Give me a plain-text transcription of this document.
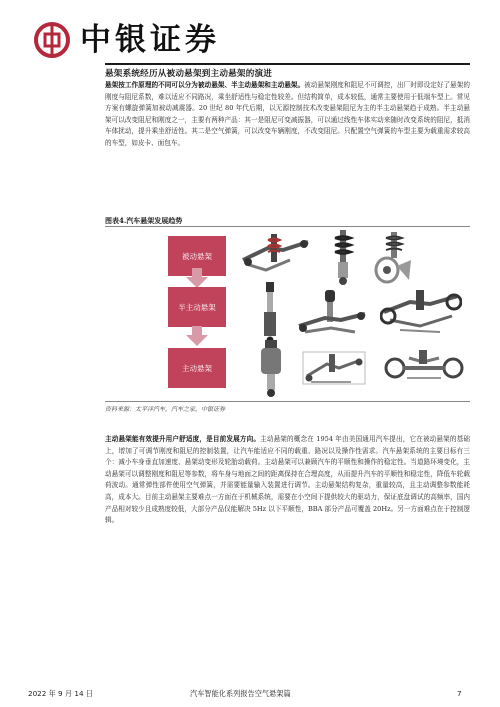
中银证券
悬架系统经历从被动悬架到主动悬架的演进
悬架按工作原理的不同可以分为被动悬架、半主动悬架和主动悬架。被动悬架刚度和阻尼不可调控，出厂时即设定好了悬架的刚度与阻尼系数，难以适应不同路况，乘坐舒适性与稳定性较差。但结构简单，成本较低，通常主要使用于低端车型上。常见方案有螺旋弹簧加被动减震器。20 世纪 80 年代后期，以无源控制技术改变悬架阻尼为主的半主动悬架趋于成熟。半主动悬架可以改变阻尼和刚度之一，主要有两种产品：其一是阻尼可变减振器，可以通过线性车体实动来随时改变系统的阻尼，抵消车体扰动，提升乘坐舒适性。其二是空气弹簧，可以改变车辆刚度，不改变阻尼。只配置空气弹簧的车型主要为载重需求较高的车型，如皮卡、面包车。
图表4.汽车悬架发展趋势
被动悬架
半主动悬架
主动悬架
资料来源：太平洋汽车，汽车之家，中银证券
主动悬架能有效提升用户舒适度，是目前发展方向。主动悬架的概念在 1954 年由美国通用汽车提出，它在被动悬架的基础上，增加了可调节刚度和阻尼的控制装置，让汽车能适应不同的载重、路况以及操作性需求。汽车悬架系统的主要目标有三个：减小车身垂直加速度、悬架动变形及轮胎动载荷。主动悬架可以兼顾汽车的平顺性和操作的稳定性。当道路环境变化，主动悬架可以调整刚度和阻尼等参数，将车身与地面之间的距离保持在合理高度，从而提升汽车的平顺性和稳定性，降低车轮载荷波动。通常弹性部件使用空气弹簧，并需要能量输入装置进行调节。主动悬架结构复杂，重量较高，且主动调整参数能耗高，成本大。目前主动悬架主要难点一方面在于机械系统，需要在小空间下提供较大的驱动力，保证底盘调试的高频率，国内产品相对较少且成熟度较低，大部分产品仅能解决 5Hz 以下平顺性，BBA 部分产品可覆盖 20Hz。另一方面难点在于控制逻辑。
2022 年 9 月 14 日	汽车智能化系列报告空气悬架篇	7
